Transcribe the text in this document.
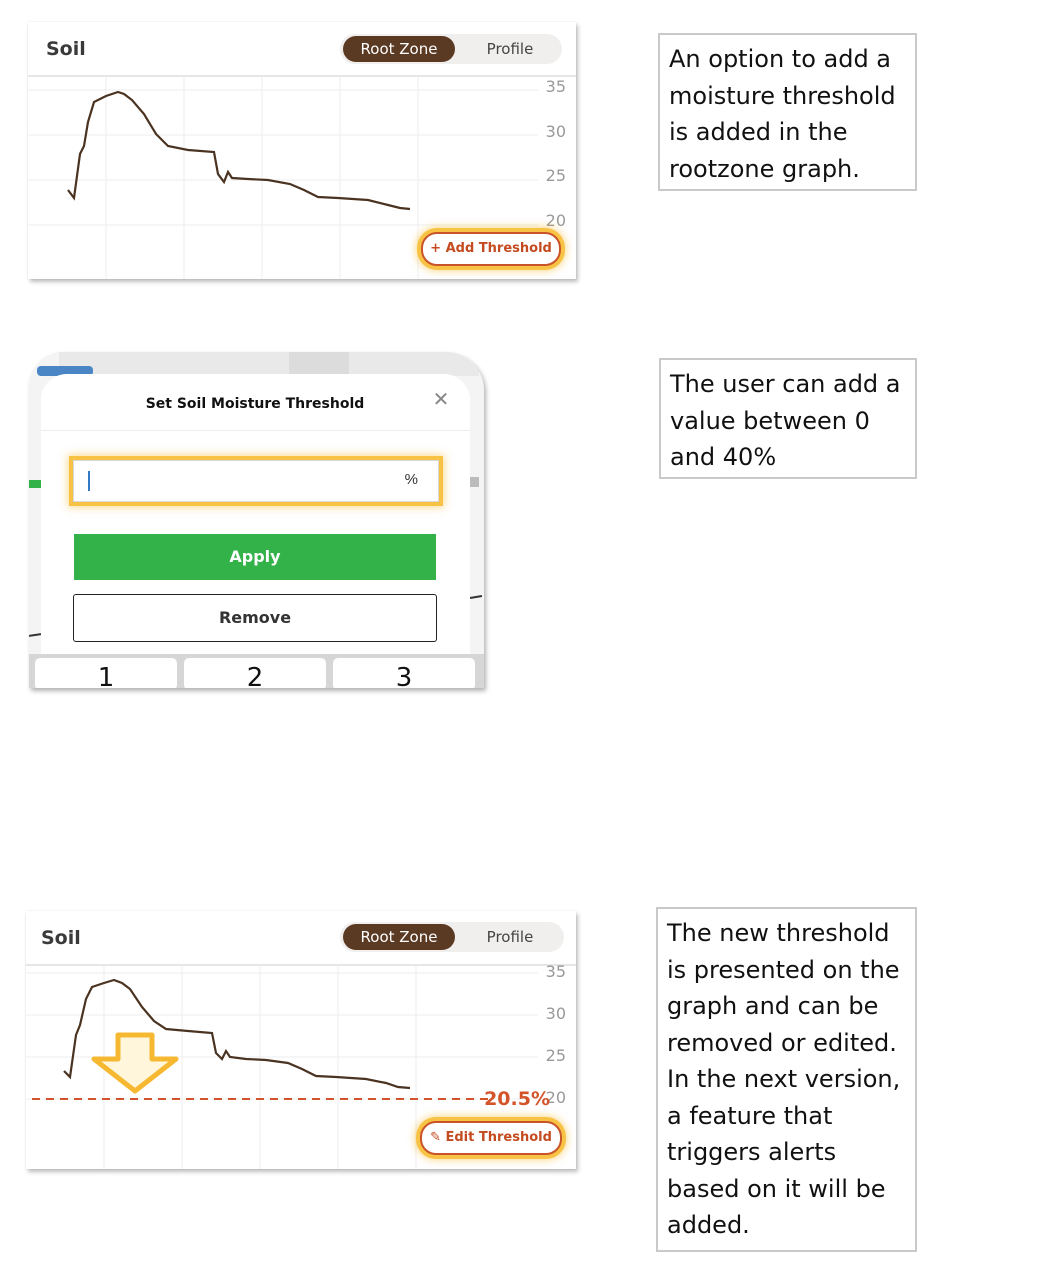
35
30
25
20
Soil	Root Zone	Profile
+ Add Threshold
An option to add a moisture threshold is added in the rootzone graph.
Set Soil Moisture Threshold	✕
%
Apply
Remove
1	2	3
The user can add a value between 0 and 40%
35
30
25
20
20.5%
Soil	Root Zone	Profile
✎ Edit Threshold
The new threshold is presented on the graph and can be removed or edited. In the next version, a feature that triggers alerts based on it will be added.
